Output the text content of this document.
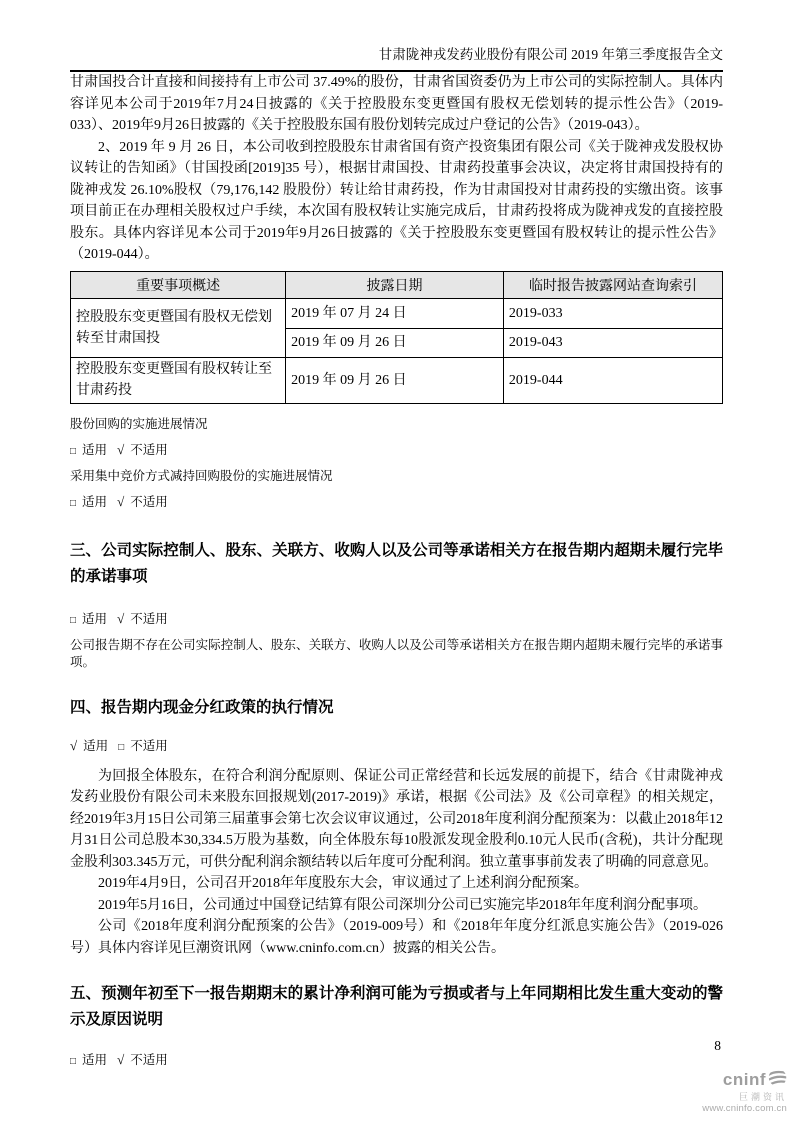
甘肃陇神戎发药业股份有限公司 2019 年第三季度报告全文

甘肃国投合计直接和间接持有上市公司 37.49%的股份，甘肃省国资委仍为上市公司的实际控制人。具体内容详见本公司于2019年7月24日披露的《关于控股股东变更暨国有股权无偿划转的提示性公告》（2019-033）、2019年9月26日披露的《关于控股股东国有股份划转完成过户登记的公告》（2019-043）。

2、2019 年 9 月 26 日，本公司收到控股股东甘肃省国有资产投资集团有限公司《关于陇神戎发股权协议转让的告知函》（甘国投函[2019]35 号），根据甘肃国投、甘肃药投董事会决议，决定将甘肃国投持有的陇神戎发 26.10%股权（79,176,142 股股份）转让给甘肃药投，作为甘肃国投对甘肃药投的实缴出资。该事项目前正在办理相关股权过户手续，本次国有股权转让实施完成后，甘肃药投将成为陇神戎发的直接控股股东。具体内容详见本公司于2019年9月26日披露的《关于控股股东变更暨国有股权转让的提示性公告》（2019-044）。

重要事项概述	披露日期	临时报告披露网站查询索引
控股股东变更暨国有股权无偿划转至甘肃国投	2019 年 07 月 24 日	2019-033
	2019 年 09 月 26 日	2019-043
控股股东变更暨国有股权转让至甘肃药投	2019 年 09 月 26 日	2019-044

股份回购的实施进展情况

□ 适用 √ 不适用

采用集中竞价方式减持回购股份的实施进展情况

□ 适用 √ 不适用

三、公司实际控制人、股东、关联方、收购人以及公司等承诺相关方在报告期内超期未履行完毕的承诺事项

□ 适用 √ 不适用

公司报告期不存在公司实际控制人、股东、关联方、收购人以及公司等承诺相关方在报告期内超期未履行完毕的承诺事项。

四、报告期内现金分红政策的执行情况

√ 适用 □ 不适用

为回报全体股东，在符合利润分配原则、保证公司正常经营和长远发展的前提下，结合《甘肃陇神戎发药业股份有限公司未来股东回报规划(2017-2019)》承诺，根据《公司法》及《公司章程》的相关规定，经2019年3月15日公司第三届董事会第七次会议审议通过，公司2018年度利润分配预案为：以截止2018年12月31日公司总股本30,334.5万股为基数，向全体股东每10股派发现金股利0.10元人民币(含税)，共计分配现金股利303.345万元，可供分配利润余额结转以后年度可分配利润。独立董事事前发表了明确的同意意见。

2019年4月9日，公司召开2018年年度股东大会，审议通过了上述利润分配预案。

2019年5月16日，公司通过中国登记结算有限公司深圳分公司已实施完毕2018年年度利润分配事项。

公司《2018年度利润分配预案的公告》（2019-009号）和《2018年年度分红派息实施公告》（2019-026号）具体内容详见巨潮资讯网（www.cninfo.com.cn）披露的相关公告。

五、预测年初至下一报告期期末的累计净利润可能为亏损或者与上年同期相比发生重大变动的警示及原因说明

□ 适用 √ 不适用

8
cninf
巨潮资讯
www.cninfo.com.cn
